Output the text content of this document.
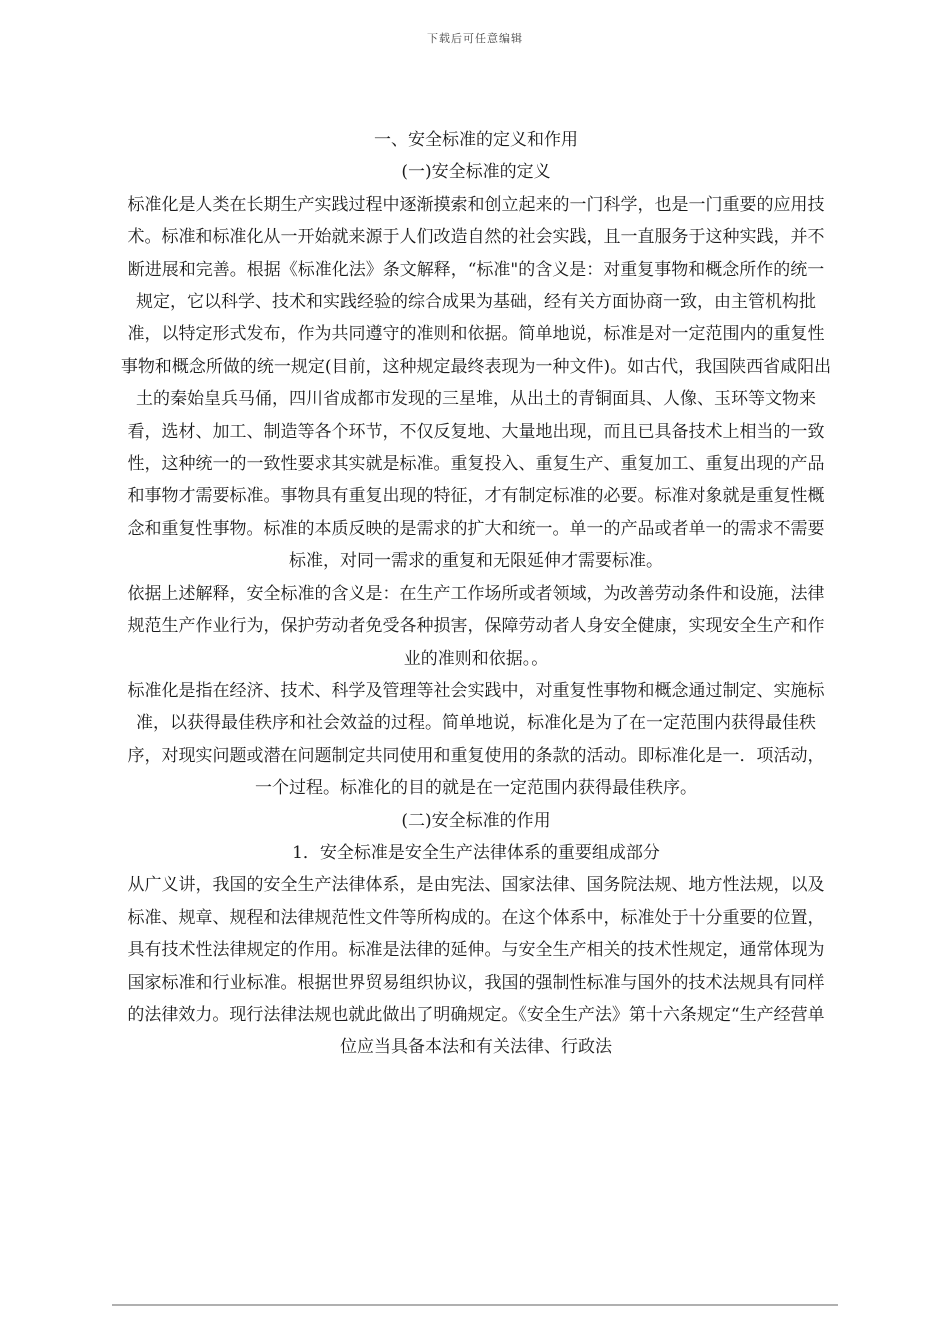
下载后可任意编辑

一、安全标准的定义和作用

(一)安全标准的定义

标准化是人类在长期生产实践过程中逐渐摸索和创立起来的一门科学，也是一门重要的应用技术。标准和标准化从一开始就来源于人们改造自然的社会实践，且一直服务于这种实践，并不断进展和完善。根据《标准化法》条文解释，“标准"的含义是：对重复事物和概念所作的统一规定，它以科学、技术和实践经验的综合成果为基础，经有关方面协商一致，由主管机构批准，以特定形式发布，作为共同遵守的准则和依据。简单地说，标准是对一定范围内的重复性事物和概念所做的统一规定(目前，这种规定最终表现为一种文件)。如古代，我国陕西省咸阳出土的秦始皇兵马俑，四川省成都市发现的三星堆，从出土的青铜面具、人像、玉环等文物来看，选材、加工、制造等各个环节，不仅反复地、大量地出现，而且已具备技术上相当的一致性，这种统一的一致性要求其实就是标准。重复投入、重复生产、重复加工、重复出现的产品和事物才需要标准。事物具有重复出现的特征，才有制定标准的必要。标准对象就是重复性概念和重复性事物。标准的本质反映的是需求的扩大和统一。单一的产品或者单一的需求不需要标准，对同一需求的重复和无限延伸才需要标准。

依据上述解释，安全标准的含义是：在生产工作场所或者领域，为改善劳动条件和设施，法律规范生产作业行为，保护劳动者免受各种损害，保障劳动者人身安全健康，实现安全生产和作业的准则和依据。。

标准化是指在经济、技术、科学及管理等社会实践中，对重复性事物和概念通过制定、实施标准，以获得最佳秩序和社会效益的过程。简单地说，标准化是为了在一定范围内获得最佳秩序，对现实问题或潜在问题制定共同使用和重复使用的条款的活动。即标准化是一．项活动，一个过程。标准化的目的就是在一定范围内获得最佳秩序。

(二)安全标准的作用

1．安全标准是安全生产法律体系的重要组成部分

从广义讲，我国的安全生产法律体系，是由宪法、国家法律、国务院法规、地方性法规，以及标准、规章、规程和法律规范性文件等所构成的。在这个体系中，标准处于十分重要的位置，具有技术性法律规定的作用。标准是法律的延伸。与安全生产相关的技术性规定，通常体现为国家标准和行业标准。根据世界贸易组织协议，我国的强制性标准与国外的技术法规具有同样的法律效力。现行法律法规也就此做出了明确规定。《安全生产法》第十六条规定“生产经营单位应当具备本法和有关法律、行政法
